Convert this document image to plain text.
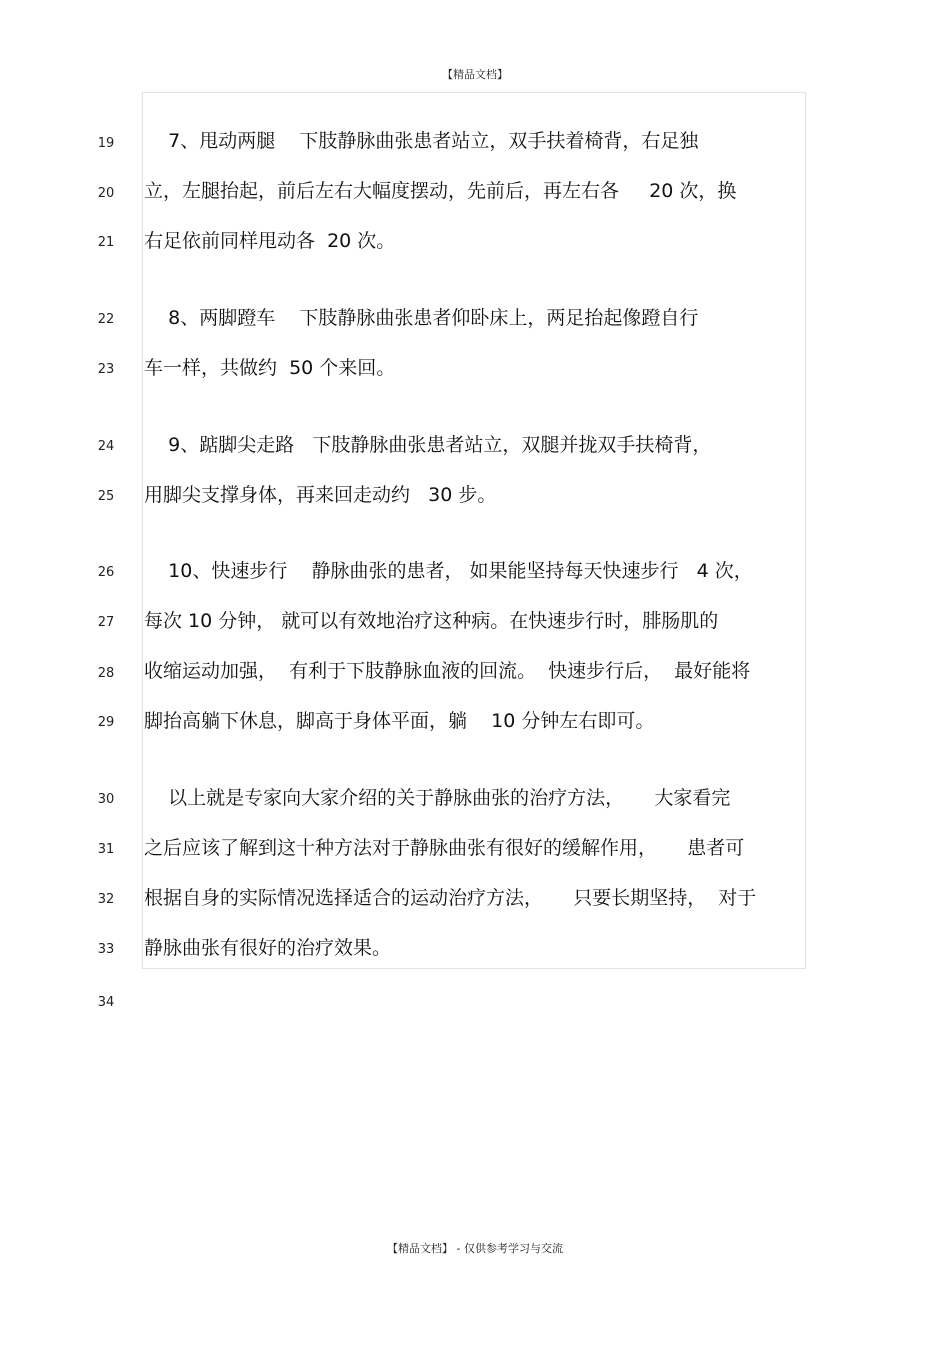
【精品文档】
19
20
21
22
23
24
25
26
27
28
29
30
31
32
33
34
7、甩动两腿    下肢静脉曲张患者站立，双手扶着椅背，右足独
立，左腿抬起，前后左右大幅度摆动，先前后，再左右各     20 次，换
右足依前同样甩动各  20 次。
8、两脚蹬车    下肢静脉曲张患者仰卧床上，两足抬起像蹬自行
车一样，共做约  50 个来回。
9、踮脚尖走路   下肢静脉曲张患者站立，双腿并拢双手扶椅背，
用脚尖支撑身体，再来回走动约   30 步。
10、快速步行    静脉曲张的患者， 如果能坚持每天快速步行   4 次，
每次 10 分钟， 就可以有效地治疗这种病。在快速步行时，腓肠肌的
收缩运动加强，  有利于下肢静脉血液的回流。  快速步行后，  最好能将
脚抬高躺下休息，脚高于身体平面，躺    10 分钟左右即可。
以上就是专家向大家介绍的关于静脉曲张的治疗方法，     大家看完
之后应该了解到这十种方法对于静脉曲张有很好的缓解作用，     患者可
根据自身的实际情况选择适合的运动治疗方法，     只要长期坚持，  对于
静脉曲张有很好的治疗效果。
【精品文档】 - 仅供参考学习与交流
